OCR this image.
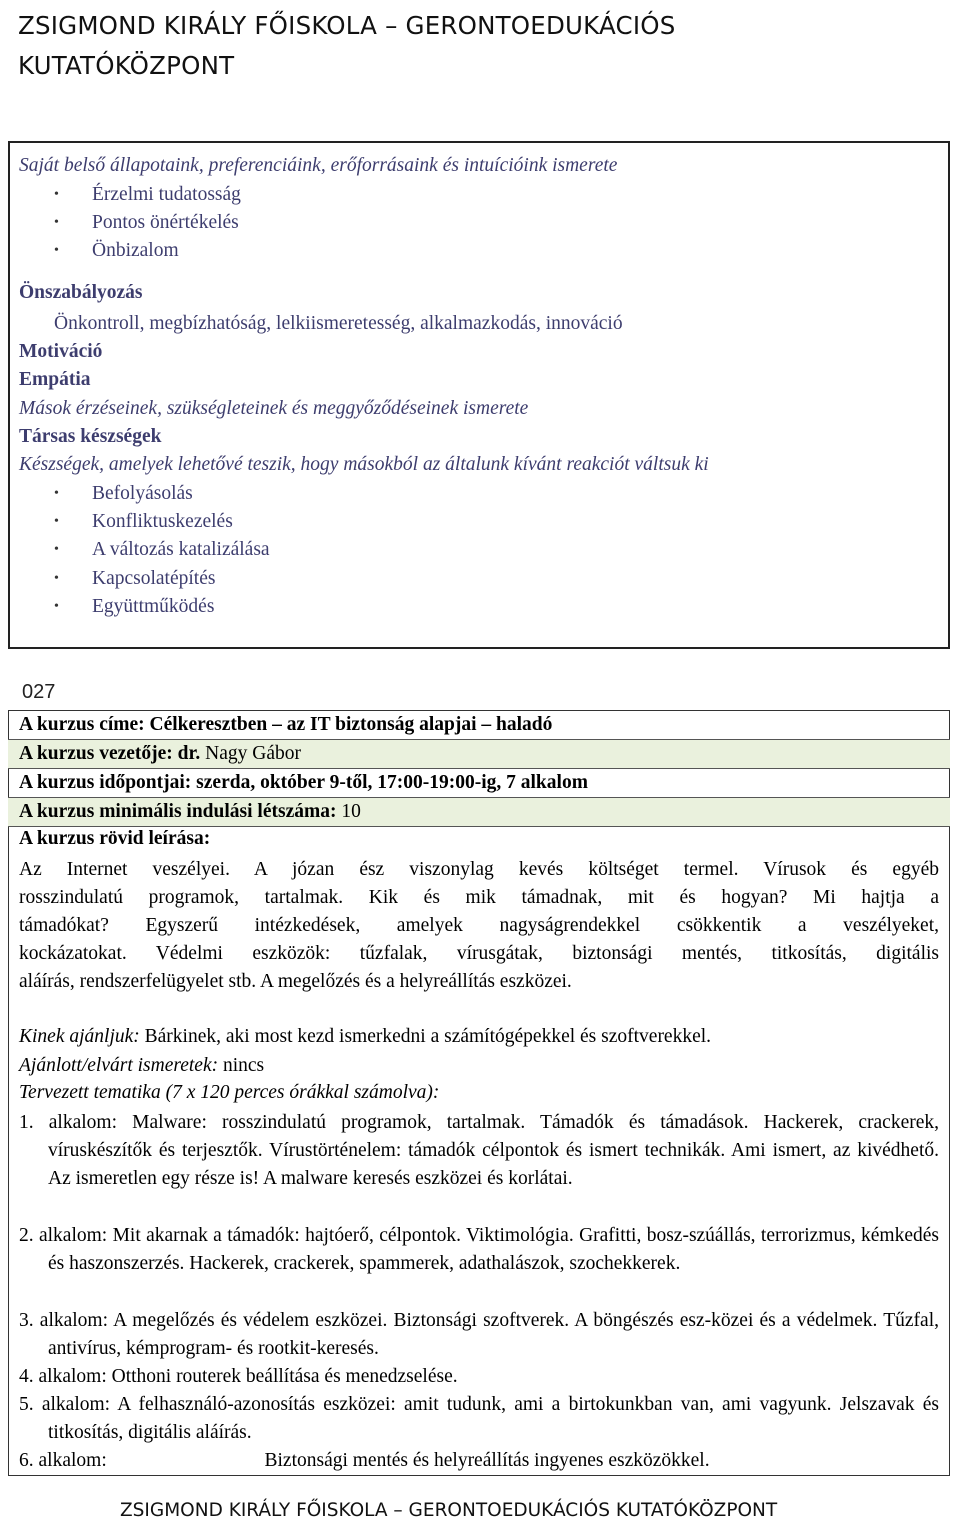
ZSIGMOND KIRÁLY FŐISKOLA – GERONTOEDUKÁCIÓS
KUTATÓKÖZPONT
Saját belső állapotaink, preferenciáink, erőforrásaink és intuícióink ismerete
• Érzelmi tudatosság
• Pontos önértékelés
• Önbizalom
Önszabályozás
Önkontroll, megbízhatóság, lelkiismeretesség, alkalmazkodás, innováció
Motiváció
Empátia
Mások érzéseinek, szükségleteinek és meggyőződéseinek ismerete
Társas készségek
Készségek, amelyek lehetővé teszik, hogy másokból az általunk kívánt reakciót váltsuk ki
• Befolyásolás
• Konfliktuskezelés
• A változás katalizálása
• Kapcsolatépítés
• Együttműködés
027
A kurzus címe: Célkeresztben – az IT biztonság alapjai – haladó
A kurzus vezetője: dr. Nagy Gábor
A kurzus időpontjai: szerda, október 9-től, 17:00-19:00-ig, 7 alkalom
A kurzus minimális indulási létszáma: 10
A kurzus rövid leírása:
Az Internet veszélyei. A józan ész viszonylag kevés költséget termel. Vírusok és egyéb
rosszindulatú programok, tartalmak. Kik és mik támadnak, mit és hogyan? Mi hajtja a
támadókat? Egyszerű intézkedések, amelyek nagyságrendekkel csökkentik a veszélyeket,
kockázatokat. Védelmi eszközök: tűzfalak, vírusgátak, biztonsági mentés, titkosítás, digitális
aláírás, rendszerfelügyelet stb. A megelőzés és a helyreállítás eszközei.
Kinek ajánljuk: Bárkinek, aki most kezd ismerkedni a számítógépekkel és szoftverekkel.
Ajánlott/elvárt ismeretek: nincs
Tervezett tematika (7 x 120 perces órákkal számolva):
1. alkalom: Malware: rosszindulatú programok, tartalmak. Támadók és támadások. Hackerek, crackerek, víruskészítők és terjesztők. Vírustörténelem: támadók célpontok és ismert technikák. Ami ismert, az kivédhető. Az ismeretlen egy része is! A malware keresés eszközei és korlátai.
2. alkalom: Mit akarnak a támadók: hajtóerő, célpontok. Viktimológia. Grafitti, bosz-szúállás, terrorizmus, kémkedés és haszonszerzés. Hackerek, crackerek, spammerek, adathalászok, szochekkerek.
3. alkalom: A megelőzés és védelem eszközei. Biztonsági szoftverek. A böngészés esz-közei és a védelmek. Tűzfal, antivírus, kémprogram- és rootkit-keresés.
4. alkalom: Otthoni routerek beállítása és menedzselése.
5. alkalom: A felhasználó-azonosítás eszközei: amit tudunk, ami a birtokunkban van, ami vagyunk. Jelszavak és titkosítás, digitális aláírás.
6. alkalom:	Biztonsági mentés és helyreállítás ingyenes eszközökkel.
ZSIGMOND KIRÁLY FŐISKOLA – GERONTOEDUKÁCIÓS KUTATÓKÖZPONT
